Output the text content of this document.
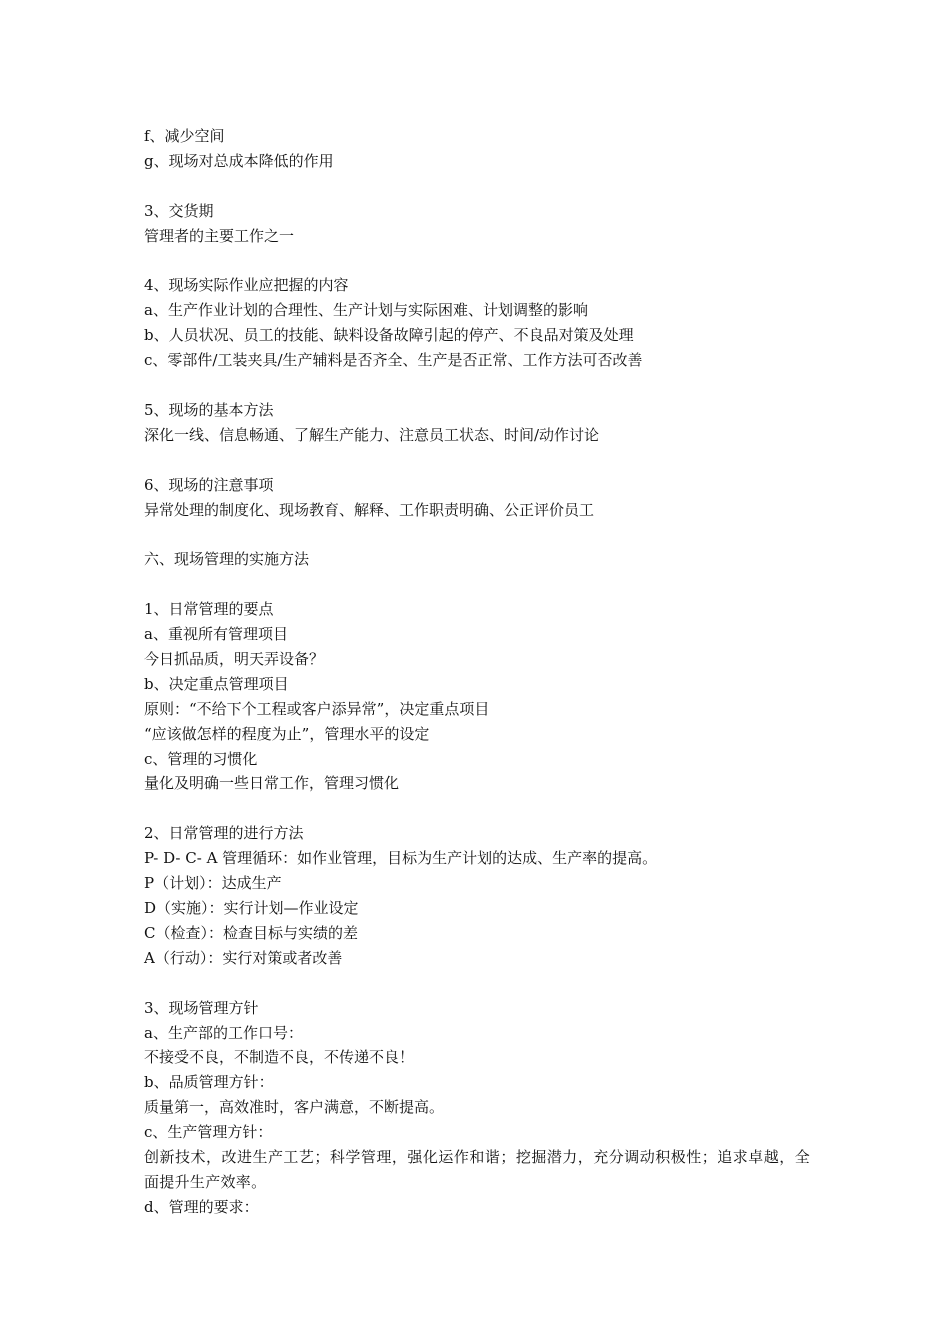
f、减少空间
g、现场对总成本降低的作用
3、交货期
管理者的主要工作之一
4、现场实际作业应把握的内容
a、生产作业计划的合理性、生产计划与实际困难、计划调整的影响
b、人员状况、员工的技能、缺料设备故障引起的停产、不良品对策及处理
c、零部件/工装夹具/生产辅料是否齐全、生产是否正常、工作方法可否改善
5、现场的基本方法
深化一线、信息畅通、了解生产能力、注意员工状态、时间/动作讨论
6、现场的注意事项
异常处理的制度化、现场教育、解释、工作职责明确、公正评价员工
六、现场管理的实施方法
1、日常管理的要点
a、重视所有管理项目
今日抓品质，明天弄设备？
b、决定重点管理项目
原则：“不给下个工程或客户添异常”，决定重点项目
“应该做怎样的程度为止”，管理水平的设定
c、管理的习惯化
量化及明确一些日常工作，管理习惯化
2、日常管理的进行方法
P- D- C- A 管理循环：如作业管理，目标为生产计划的达成、生产率的提高。
P（计划）：达成生产
D（实施）：实行计划—作业设定
C（检查）：检查目标与实绩的差
A（行动）：实行对策或者改善
3、现场管理方针
a、生产部的工作口号：
不接受不良，不制造不良，不传递不良！
b、品质管理方针：
质量第一，高效准时，客户满意，不断提高。
c、生产管理方针：
创新技术，改进生产工艺；科学管理，强化运作和谐；挖掘潜力，充分调动积极性；追求卓越，全面提升生产效率。
d、管理的要求：
